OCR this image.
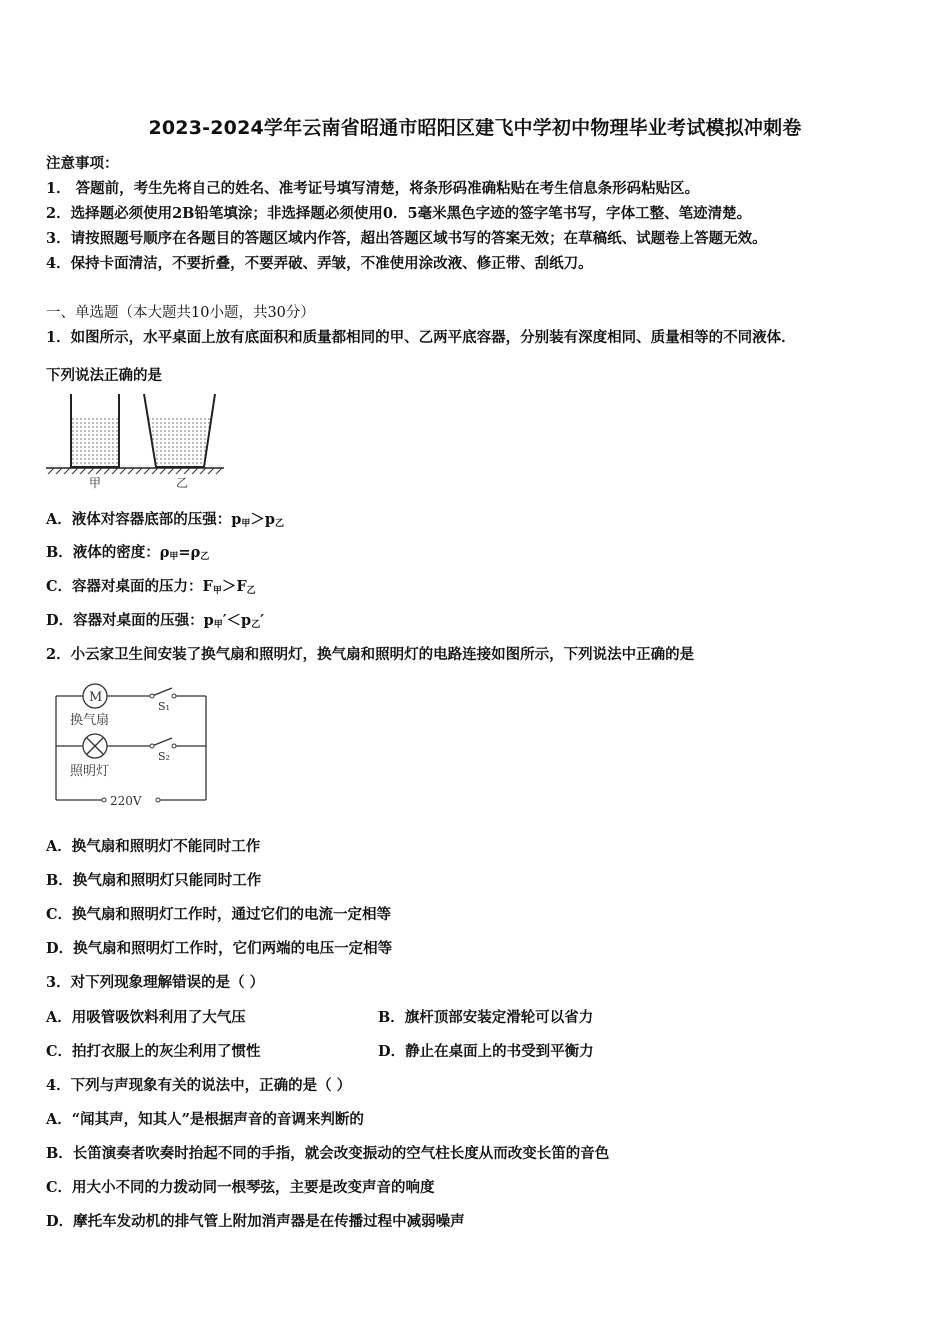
2023-2024学年云南省昭通市昭阳区建飞中学初中物理毕业考试模拟冲刺卷
注意事项：
1． 答题前，考生先将自己的姓名、准考证号填写清楚，将条形码准确粘贴在考生信息条形码粘贴区。
2．选择题必须使用2B铅笔填涂；非选择题必须使用0．5毫米黑色字迹的签字笔书写，字体工整、笔迹清楚。
3．请按照题号顺序在各题目的答题区域内作答，超出答题区域书写的答案无效；在草稿纸、试题卷上答题无效。
4．保持卡面清洁，不要折叠，不要弄破、弄皱，不准使用涂改液、修正带、刮纸刀。
一、单选题（本大题共10小题，共30分）
1．如图所示，水平桌面上放有底面积和质量都相同的甲、乙两平底容器，分别装有深度相同、质量相等的不同液体．
下列说法正确的是
甲	乙
A．液体对容器底部的压强：$p_甲>p_乙$
B．液体的密度：$\rho_甲=\rho_乙$
C．容器对桌面的压力：$F_甲>F_乙$
D．容器对桌面的压强：$p_甲'<p_乙'$
2．小云家卫生间安装了换气扇和照明灯，换气扇和照明灯的电路连接如图所示，下列说法中正确的是
M
换气扇
照明灯
S₁
S₂
220V
A．换气扇和照明灯不能同时工作
B．换气扇和照明灯只能同时工作
C．换气扇和照明灯工作时，通过它们的电流一定相等
D．换气扇和照明灯工作时，它们两端的电压一定相等
3．对下列现象理解错误的是（ ）
A．用吸管吸饮料利用了大气压	B．旗杆顶部安装定滑轮可以省力
C．拍打衣服上的灰尘利用了惯性	D．静止在桌面上的书受到平衡力
4．下列与声现象有关的说法中，正确的是（ ）
A．“闻其声，知其人”是根据声音的音调来判断的
B．长笛演奏者吹奏时抬起不同的手指，就会改变振动的空气柱长度从而改变长笛的音色
C．用大小不同的力拨动同一根琴弦，主要是改变声音的响度
D．摩托车发动机的排气管上附加消声器是在传播过程中减弱噪声
